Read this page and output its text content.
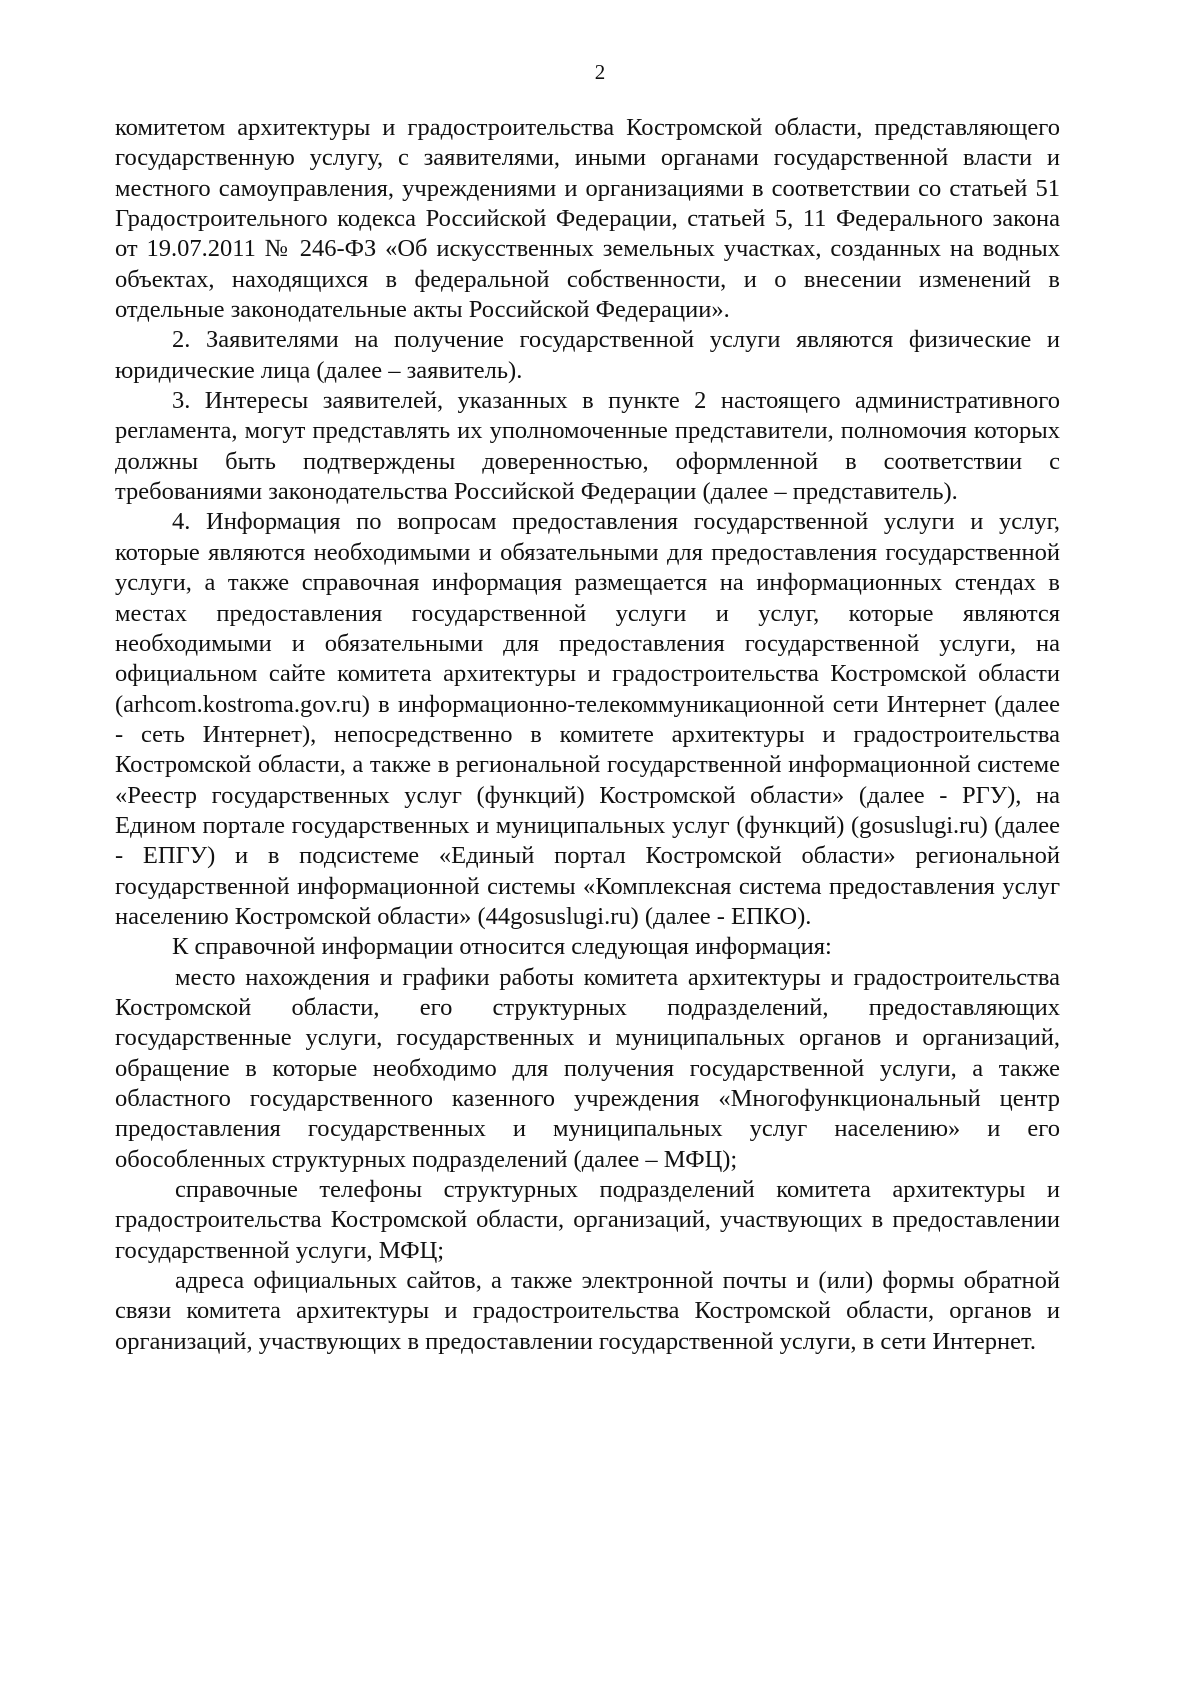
2

комитетом архитектуры и градостроительства Костромской области, представляющего государственную услугу, с заявителями, иными органами государственной власти и местного самоуправления, учреждениями и организациями в соответствии со статьей 51 Градостроительного кодекса Российской Федерации, статьей 5, 11 Федерального закона от 19.07.2011 № 246-ФЗ «Об искусственных земельных участках, созданных на водных объектах, находящихся в федеральной собственности, и о внесении изменений в отдельные законодательные акты Российской Федерации».

2. Заявителями на получение государственной услуги являются физические и юридические лица (далее – заявитель).

3. Интересы заявителей, указанных в пункте 2 настоящего административного регламента, могут представлять их уполномоченные представители, полномочия которых должны быть подтверждены доверенностью, оформленной в соответствии с требованиями законодательства Российской Федерации (далее – представитель).

4. Информация по вопросам предоставления государственной услуги и услуг, которые являются необходимыми и обязательными для предоставления государственной услуги, а также справочная информация размещается на информационных стендах в местах предоставления государственной услуги и услуг, которые являются необходимыми и обязательными для предоставления государственной услуги, на официальном сайте комитета архитектуры и градостроительства Костромской области (arhcom.kostroma.gov.ru) в информационно-телекоммуникационной сети Интернет (далее - сеть Интернет), непосредственно в комитете архитектуры и градостроительства Костромской области, а также в региональной государственной информационной системе «Реестр государственных услуг (функций) Костромской области» (далее - РГУ), на Едином портале государственных и муниципальных услуг (функций) (gosuslugi.ru) (далее - ЕПГУ) и в подсистеме «Единый портал Костромской области» региональной государственной информационной системы «Комплексная система предоставления услуг населению Костромской области» (44gosuslugi.ru) (далее - ЕПКО).

К справочной информации относится следующая информация:

место нахождения и графики работы комитета архитектуры и градостроительства Костромской области, его структурных подразделений, предоставляющих государственные услуги, государственных и муниципальных органов и организаций, обращение в которые необходимо для получения государственной услуги, а также областного государственного казенного учреждения «Многофункциональный центр предоставления государственных и муниципальных услуг населению» и его обособленных структурных подразделений (далее – МФЦ);

справочные телефоны структурных подразделений комитета архитектуры и градостроительства Костромской области, организаций, участвующих в предоставлении государственной услуги, МФЦ;

адреса официальных сайтов, а также электронной почты и (или) формы обратной связи комитета архитектуры и градостроительства Костромской области, органов и организаций, участвующих в предоставлении государственной услуги, в сети Интернет.
